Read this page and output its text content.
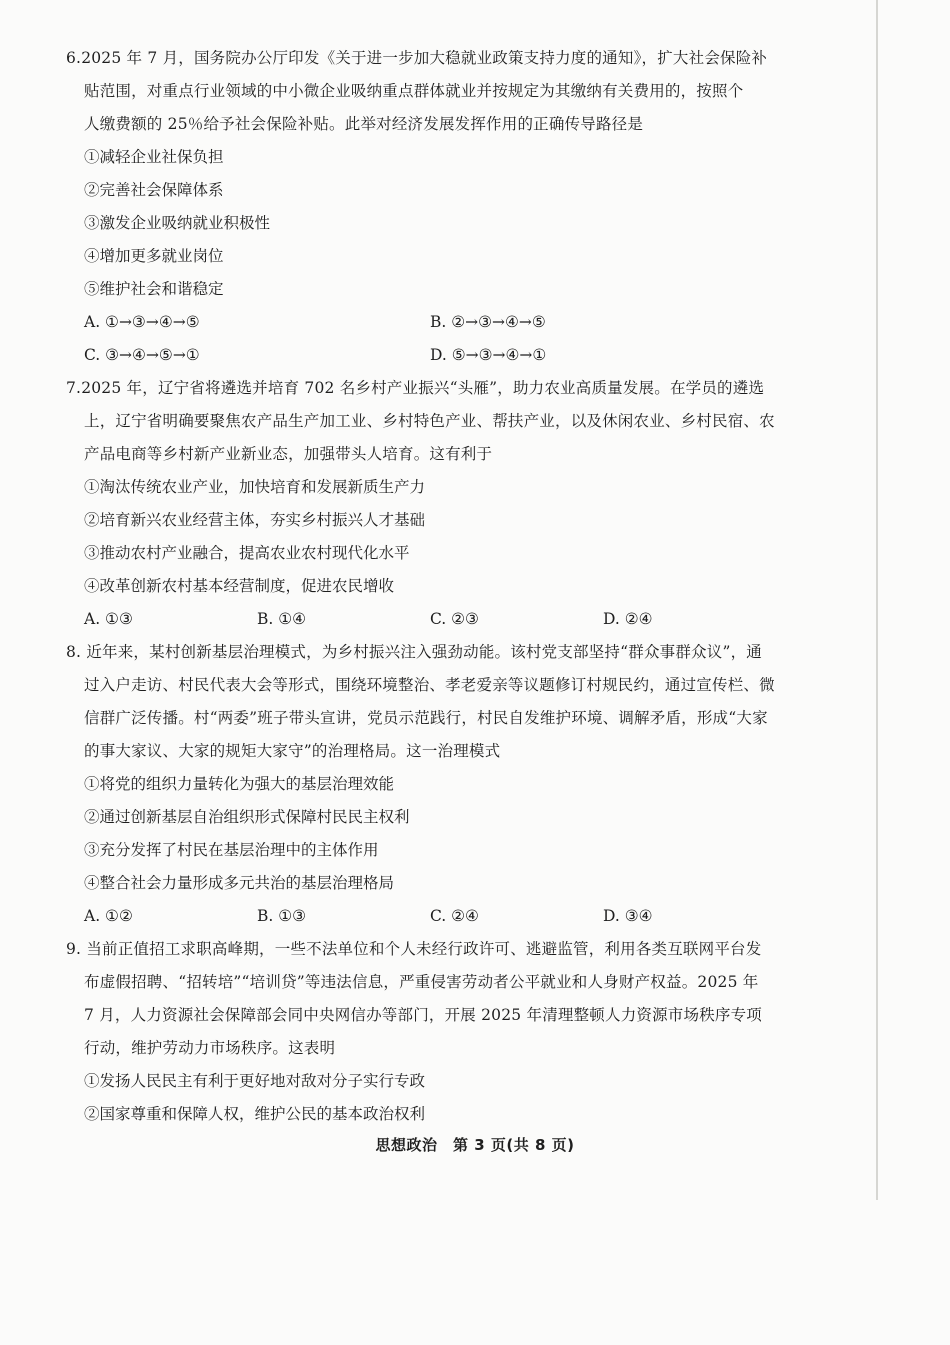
6.2025 年 7 月，国务院办公厅印发《关于进一步加大稳就业政策支持力度的通知》，扩大社会保险补
贴范围，对重点行业领域的中小微企业吸纳重点群体就业并按规定为其缴纳有关费用的，按照个
人缴费额的 25％给予社会保险补贴。此举对经济发展发挥作用的正确传导路径是
①减轻企业社保负担
②完善社会保障体系
③激发企业吸纳就业积极性
④增加更多就业岗位
⑤维护社会和谐稳定
A. ①→③→④→⑤	B. ②→③→④→⑤
C. ③→④→⑤→①	D. ⑤→③→④→①
7.2025 年，辽宁省将遴选并培育 702 名乡村产业振兴“头雁”，助力农业高质量发展。在学员的遴选
上，辽宁省明确要聚焦农产品生产加工业、乡村特色产业、帮扶产业，以及休闲农业、乡村民宿、农
产品电商等乡村新产业新业态，加强带头人培育。这有利于
①淘汰传统农业产业，加快培育和发展新质生产力
②培育新兴农业经营主体，夯实乡村振兴人才基础
③推动农村产业融合，提高农业农村现代化水平
④改革创新农村基本经营制度，促进农民增收
A. ①③	B. ①④	C. ②③	D. ②④
8. 近年来，某村创新基层治理模式，为乡村振兴注入强劲动能。该村党支部坚持“群众事群众议”，通
过入户走访、村民代表大会等形式，围绕环境整治、孝老爱亲等议题修订村规民约，通过宣传栏、微
信群广泛传播。村“两委”班子带头宣讲，党员示范践行，村民自发维护环境、调解矛盾，形成“大家
的事大家议、大家的规矩大家守”的治理格局。这一治理模式
①将党的组织力量转化为强大的基层治理效能
②通过创新基层自治组织形式保障村民民主权利
③充分发挥了村民在基层治理中的主体作用
④整合社会力量形成多元共治的基层治理格局
A. ①②	B. ①③	C. ②④	D. ③④
9. 当前正值招工求职高峰期，一些不法单位和个人未经行政许可、逃避监管，利用各类互联网平台发
布虚假招聘、“招转培”“培训贷”等违法信息，严重侵害劳动者公平就业和人身财产权益。2025 年
7 月，人力资源社会保障部会同中央网信办等部门，开展 2025 年清理整顿人力资源市场秩序专项
行动，维护劳动力市场秩序。这表明
①发扬人民民主有利于更好地对敌对分子实行专政
②国家尊重和保障人权，维护公民的基本政治权利
思想政治　第 3 页(共 8 页)
